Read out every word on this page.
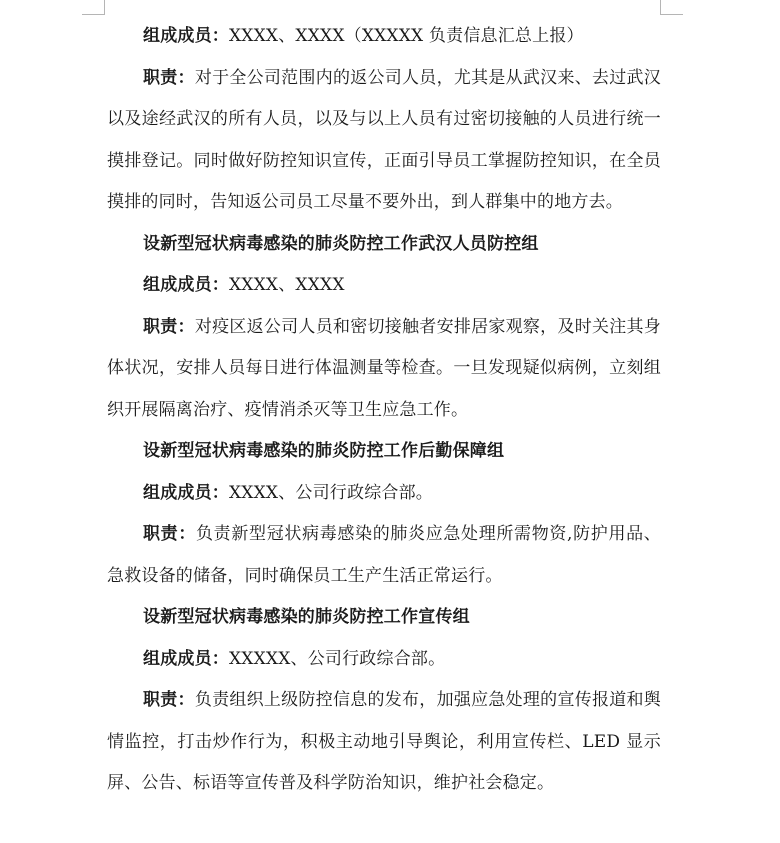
组成成员：XXXX、XXXX（XXXXX 负责信息汇总上报）

职责：对于全公司范围内的返公司人员，尤其是从武汉来、去过武汉以及途经武汉的所有人员，以及与以上人员有过密切接触的人员进行统一摸排登记。同时做好防控知识宣传，正面引导员工掌握防控知识，在全员摸排的同时，告知返公司员工尽量不要外出，到人群集中的地方去。

设新型冠状病毒感染的肺炎防控工作武汉人员防控组

组成成员：XXXX、XXXX

职责：对疫区返公司人员和密切接触者安排居家观察，及时关注其身体状况，安排人员每日进行体温测量等检查。一旦发现疑似病例，立刻组织开展隔离治疗、疫情消杀灭等卫生应急工作。

设新型冠状病毒感染的肺炎防控工作后勤保障组

组成成员：XXXX、公司行政综合部。

职责：负责新型冠状病毒感染的肺炎应急处理所需物资,防护用品、急救设备的储备，同时确保员工生产生活正常运行。

设新型冠状病毒感染的肺炎防控工作宣传组

组成成员：XXXXX、公司行政综合部。

职责：负责组织上级防控信息的发布，加强应急处理的宣传报道和舆情监控，打击炒作行为，积极主动地引导舆论，利用宣传栏、LED 显示屏、公告、标语等宣传普及科学防治知识，维护社会稳定。
